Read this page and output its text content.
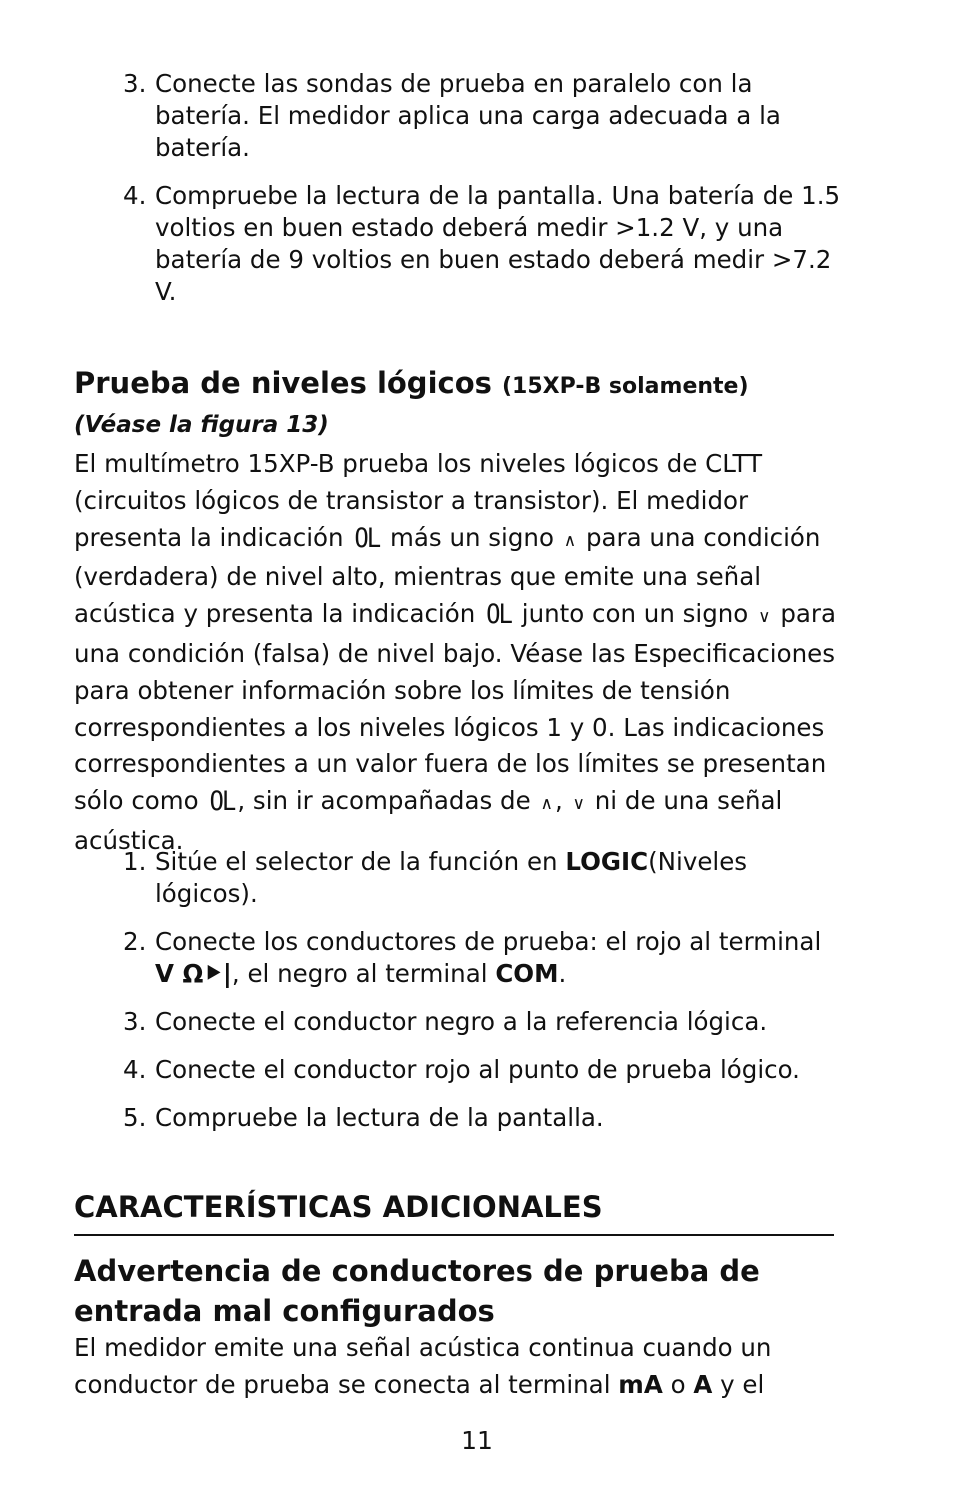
3. Conecte las sondas de prueba en paralelo con la batería. El medidor aplica una carga adecuada a la batería.
4. Compruebe la lectura de la pantalla. Una batería de 1.5 voltios en buen estado deberá medir >1.2 V, y una batería de 9 voltios en buen estado deberá medir >7.2 V.
Prueba de niveles lógicos (15XP-B solamente)
(Véase la figura 13)
El multímetro 15XP-B prueba los niveles lógicos de CLTT (circuitos lógicos de transistor a transistor). El medidor presenta la indicación OL más un signo ∧ para una condición (verdadera) de nivel alto, mientras que emite una señal acústica y presenta la indicación OL junto con un signo ∨ para una condición (falsa) de nivel bajo. Véase las Especificaciones para obtener información sobre los límites de tensión correspondientes a los niveles lógicos 1 y 0. Las indicaciones correspondientes a un valor fuera de los límites se presentan sólo como OL , sin ir acompañadas de ∧, ∨ ni de una señal acústica.
1. Sitúe el selector de la función en LOGIC(Niveles lógicos).
2. Conecte los conductores de prueba: el rojo al terminal V Ω⯈|, el negro al terminal COM.
3. Conecte el conductor negro a la referencia lógica.
4. Conecte el conductor rojo al punto de prueba lógico.
5. Compruebe la lectura de la pantalla.
CARACTERÍSTICAS ADICIONALES
Advertencia de conductores de prueba de entrada mal configurados
El medidor emite una señal acústica continua cuando un conductor de prueba se conecta al terminal mA o A y el
11
